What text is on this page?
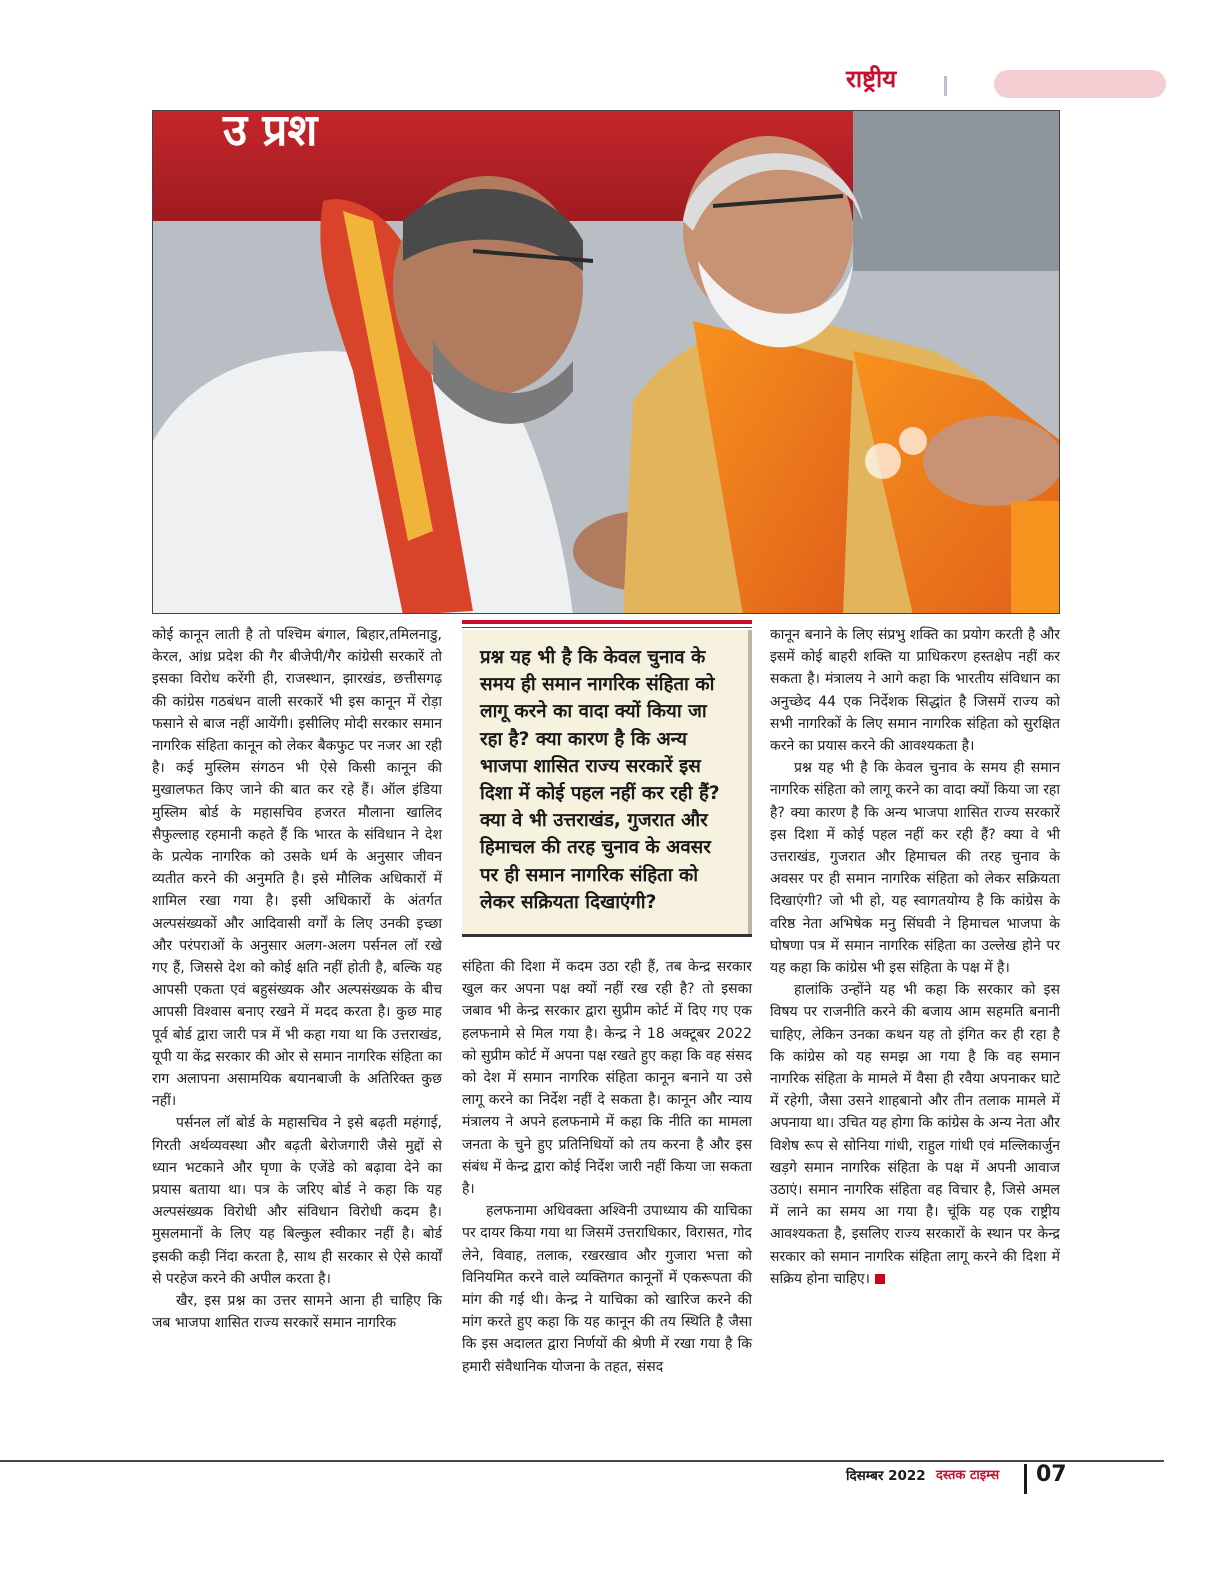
राष्ट्रीय
उ प्रश

कोई कानून लाती है तो पश्चिम बंगाल, बिहार,तमिलनाडु, केरल, आंध्र प्रदेश की गैर बीजेपी/गैर कांग्रेसी सरकारें तो इसका विरोध करेंगी ही, राजस्थान, झारखंड, छत्तीसगढ़ की कांग्रेस गठबंधन वाली सरकारें भी इस कानून में रोड़ा फसाने से बाज नहीं आयेंगी। इसीलिए मोदी सरकार समान नागरिक संहिता कानून को लेकर बैकफुट पर नजर आ रही है। कई मुस्लिम संगठन भी ऐसे किसी कानून की मुखालफत किए जाने की बात कर रहे हैं। ऑल इंडिया मुस्लिम बोर्ड के महासचिव हजरत मौलाना खालिद सैफुल्लाह रहमानी कहते हैं कि भारत के संविधान ने देश के प्रत्येक नागरिक को उसके धर्म के अनुसार जीवन व्यतीत करने की अनुमति है। इसे मौलिक अधिकारों में शामिल रखा गया है। इसी अधिकारों के अंतर्गत अल्पसंख्यकों और आदिवासी वर्गों के लिए उनकी इच्छा और परंपराओं के अनुसार अलग-अलग पर्सनल लॉ रखे गए हैं, जिससे देश को कोई क्षति नहीं होती है, बल्कि यह आपसी एकता एवं बहुसंख्यक और अल्पसंख्यक के बीच आपसी विश्वास बनाए रखने में मदद करता है। कुछ माह पूर्व बोर्ड द्वारा जारी पत्र में भी कहा गया था कि उत्तराखंड, यूपी या केंद्र सरकार की ओर से समान नागरिक संहिता का राग अलापना असामयिक बयानबाजी के अतिरिक्त कुछ नहीं।

पर्सनल लॉ बोर्ड के महासचिव ने इसे बढ़ती महंगाई, गिरती अर्थव्यवस्था और बढ़ती बेरोजगारी जैसे मुद्दों से ध्यान भटकाने और घृणा के एजेंडे को बढ़ावा देने का प्रयास बताया था। पत्र के जरिए बोर्ड ने कहा कि यह अल्पसंख्यक विरोधी और संविधान विरोधी कदम है। मुसलमानों के लिए यह बिल्कुल स्वीकार नहीं है। बोर्ड इसकी कड़ी निंदा करता है, साथ ही सरकार से ऐसे कार्यों से परहेज करने की अपील करता है।

खैर, इस प्रश्न का उत्तर सामने आना ही चाहिए कि जब भाजपा शासित राज्य सरकारें समान नागरिक

प्रश्न यह भी है कि केवल चुनाव के समय ही समान नागरिक संहिता को लागू करने का वादा क्यों किया जा रहा है? क्या कारण है कि अन्य भाजपा शासित राज्य सरकारें इस दिशा में कोई पहल नहीं कर रही हैं? क्या वे भी उत्तराखंड, गुजरात और हिमाचल की तरह चुनाव के अवसर पर ही समान नागरिक संहिता को लेकर सक्रियता दिखाएंगी?

संहिता की दिशा में कदम उठा रही हैं, तब केन्द्र सरकार खुल कर अपना पक्ष क्यों नहीं रख रही है? तो इसका जबाव भी केन्द्र सरकार द्वारा सुप्रीम कोर्ट में दिए गए एक हलफनामे से मिल गया है। केन्द्र ने 18 अक्टूबर 2022 को सुप्रीम कोर्ट में अपना पक्ष रखते हुए कहा कि वह संसद को देश में समान नागरिक संहिता कानून बनाने या उसे लागू करने का निर्देश नहीं दे सकता है। कानून और न्याय मंत्रालय ने अपने हलफनामे में कहा कि नीति का मामला जनता के चुने हुए प्रतिनिधियों को तय करना है और इस संबंध में केन्द्र द्वारा कोई निर्देश जारी नहीं किया जा सकता है।

हलफनामा अधिवक्ता अश्विनी उपाध्याय की याचिका पर दायर किया गया था जिसमें उत्तराधिकार, विरासत, गोद लेने, विवाह, तलाक, रखरखाव और गुजारा भत्ता को विनियमित करने वाले व्यक्तिगत कानूनों में एकरूपता की मांग की गई थी। केन्द्र ने याचिका को खारिज करने की मांग करते हुए कहा कि यह कानून की तय स्थिति है जैसा कि इस अदालत द्वारा निर्णयों की श्रेणी में रखा गया है कि हमारी संवैधानिक योजना के तहत, संसद

कानून बनाने के लिए संप्रभु शक्ति का प्रयोग करती है और इसमें कोई बाहरी शक्ति या प्राधिकरण हस्तक्षेप नहीं कर सकता है। मंत्रालय ने आगे कहा कि भारतीय संविधान का अनुच्छेद 44 एक निर्देशक सिद्धांत है जिसमें राज्य को सभी नागरिकों के लिए समान नागरिक संहिता को सुरक्षित करने का प्रयास करने की आवश्यकता है।

प्रश्न यह भी है कि केवल चुनाव के समय ही समान नागरिक संहिता को लागू करने का वादा क्यों किया जा रहा है? क्या कारण है कि अन्य भाजपा शासित राज्य सरकारें इस दिशा में कोई पहल नहीं कर रही हैं? क्या वे भी उत्तराखंड, गुजरात और हिमाचल की तरह चुनाव के अवसर पर ही समान नागरिक संहिता को लेकर सक्रियता दिखाएंगी? जो भी हो, यह स्वागतयोग्य है कि कांग्रेस के वरिष्ठ नेता अभिषेक मनु सिंघवी ने हिमाचल भाजपा के घोषणा पत्र में समान नागरिक संहिता का उल्लेख होने पर यह कहा कि कांग्रेस भी इस संहिता के पक्ष में है।

हालांकि उन्होंने यह भी कहा कि सरकार को इस विषय पर राजनीति करने की बजाय आम सहमति बनानी चाहिए, लेकिन उनका कथन यह तो इंगित कर ही रहा है कि कांग्रेस को यह समझ आ गया है कि वह समान नागरिक संहिता के मामले में वैसा ही रवैया अपनाकर घाटे में रहेगी, जैसा उसने शाहबानो और तीन तलाक मामले में अपनाया था। उचित यह होगा कि कांग्रेस के अन्य नेता और विशेष रूप से सोनिया गांधी, राहुल गांधी एवं मल्लिकार्जुन खड़गे समान नागरिक संहिता के पक्ष में अपनी आवाज उठाएं। समान नागरिक संहिता वह विचार है, जिसे अमल में लाने का समय आ गया है। चूंकि यह एक राष्ट्रीय आवश्यकता है, इसलिए राज्य सरकारों के स्थान पर केन्द्र सरकार को समान नागरिक संहिता लागू करने की दिशा में सक्रिय होना चाहिए।

दिसम्बर 2022 दस्तक टाइम्स 07
